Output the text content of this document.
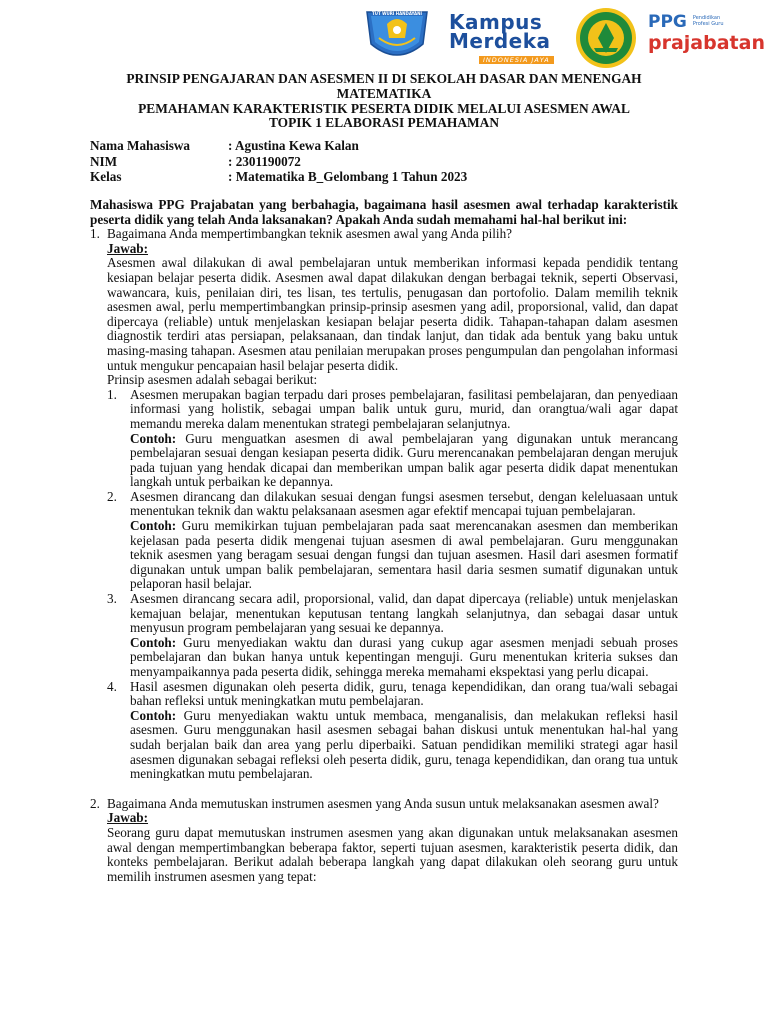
TUT WURI HANDAYANI Kampus
Merdeka
INDONESIA JAYA
PPG Pendidikan Profesi Guru
prajabatan
PRINSIP PENGAJARAN DAN ASESMEN II DI SEKOLAH DASAR DAN MENENGAH
MATEMATIKA
PEMAHAMAN KARAKTERISTIK PESERTA DIDIK MELALUI ASESMEN AWAL
TOPIK 1 ELABORASI PEMAHAMAN
Nama Mahasiswa	: Agustina Kewa Kalan
NIM	: 2301190072
Kelas	: Matematika B_Gelombang 1 Tahun 2023

Mahasiswa PPG Prajabatan yang berbahagia, bagaimana hasil asesmen awal terhadap karakteristik peserta didik yang telah Anda laksanakan? Apakah Anda sudah memahami hal-hal berikut ini:

1. Bagaimana Anda mempertimbangkan teknik asesmen awal yang Anda pilih?
Jawab:

Asesmen awal dilakukan di awal pembelajaran untuk memberikan informasi kepada pendidik tentang kesiapan belajar peserta didik. Asesmen awal dapat dilakukan dengan berbagai teknik, seperti Observasi, wawancara, kuis, penilaian diri, tes lisan, tes tertulis, penugasan dan portofolio. Dalam memilih teknik asesmen awal, perlu mempertimbangkan prinsip-prinsip asesmen yang adil, proporsional, valid, dan dapat dipercaya (reliable) untuk menjelaskan kesiapan belajar peserta didik. Tahapan-tahapan dalam asesmen diagnostik terdiri atas persiapan, pelaksanaan, dan tindak lanjut, dan tidak ada bentuk yang baku untuk masing-masing tahapan. Asesmen atau penilaian merupakan proses pengumpulan dan pengolahan informasi untuk mengukur pencapaian hasil belajar peserta didik.

Prinsip asesmen adalah sebagai berikut:
1. Asesmen merupakan bagian terpadu dari proses pembelajaran, fasilitasi pembelajaran, dan penyediaan informasi yang holistik, sebagai umpan balik untuk guru, murid, dan orangtua/wali agar dapat memandu mereka dalam menentukan strategi pembelajaran selanjutnya.
Contoh: Guru menguatkan asesmen di awal pembelajaran yang digunakan untuk merancang pembelajaran sesuai dengan kesiapan peserta didik. Guru merencanakan pembelajaran dengan merujuk pada tujuan yang hendak dicapai dan memberikan umpan balik agar peserta didik dapat menentukan langkah untuk perbaikan ke depannya.
2. Asesmen dirancang dan dilakukan sesuai dengan fungsi asesmen tersebut, dengan keleluasaan untuk menentukan teknik dan waktu pelaksanaan asesmen agar efektif mencapai tujuan pembelajaran.
Contoh: Guru memikirkan tujuan pembelajaran pada saat merencanakan asesmen dan memberikan kejelasan pada peserta didik mengenai tujuan asesmen di awal pembelajaran. Guru menggunakan teknik asesmen yang beragam sesuai dengan fungsi dan tujuan asesmen. Hasil dari asesmen formatif digunakan untuk umpan balik pembelajaran, sementara hasil daria sesmen sumatif digunakan untuk pelaporan hasil belajar.
3. Asesmen dirancang secara adil, proporsional, valid, dan dapat dipercaya (reliable) untuk menjelaskan kemajuan belajar, menentukan keputusan tentang langkah selanjutnya, dan sebagai dasar untuk menyusun program pembelajaran yang sesuai ke depannya.
Contoh: Guru menyediakan waktu dan durasi yang cukup agar asesmen menjadi sebuah proses pembelajaran dan bukan hanya untuk kepentingan menguji. Guru menentukan kriteria sukses dan menyampaikannya pada peserta didik, sehingga mereka memahami ekspektasi yang perlu dicapai.
4. Hasil asesmen digunakan oleh peserta didik, guru, tenaga kependidikan, dan orang tua/wali sebagai bahan refleksi untuk meningkatkan mutu pembelajaran.
Contoh: Guru menyediakan waktu untuk membaca, menganalisis, dan melakukan refleksi hasil asesmen. Guru menggunakan hasil asesmen sebagai bahan diskusi untuk menentukan hal-hal yang sudah berjalan baik dan area yang perlu diperbaiki. Satuan pendidikan memiliki strategi agar hasil asesmen digunakan sebagai refleksi oleh peserta didik, guru, tenaga kependidikan, dan orang tua untuk meningkatkan mutu pembelajaran.
2. Bagaimana Anda memutuskan instrumen asesmen yang Anda susun untuk melaksanakan asesmen awal?

Jawab:

Seorang guru dapat memutuskan instrumen asesmen yang akan digunakan untuk melaksanakan asesmen awal dengan mempertimbangkan beberapa faktor, seperti tujuan asesmen, karakteristik peserta didik, dan konteks pembelajaran. Berikut adalah beberapa langkah yang dapat dilakukan oleh seorang guru untuk memilih instrumen asesmen yang tepat:
